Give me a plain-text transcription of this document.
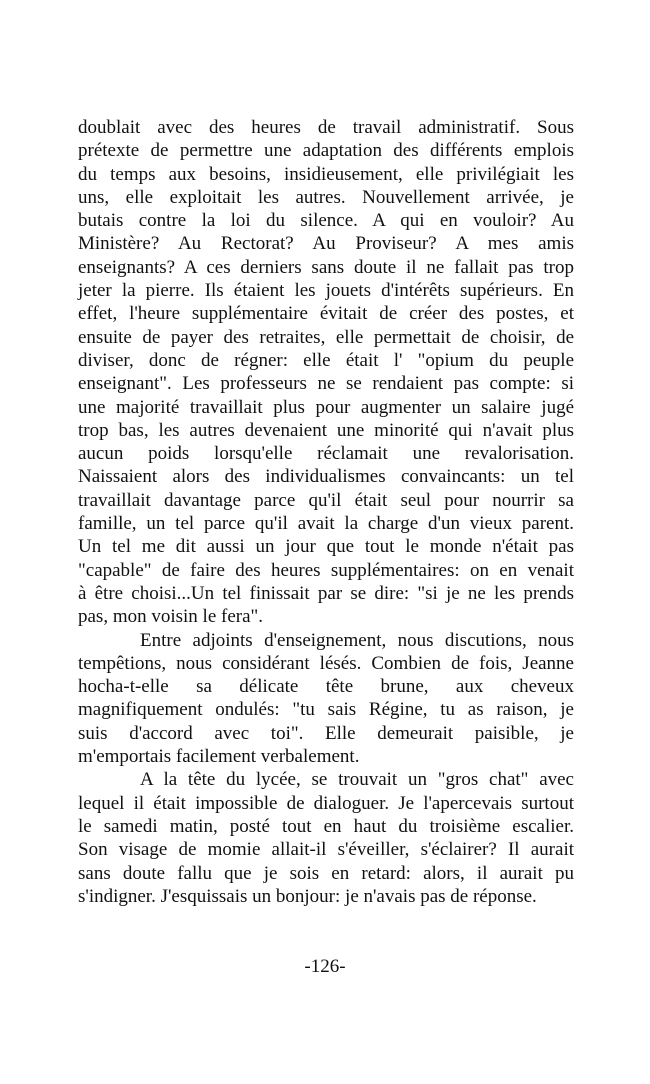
doublait avec des heures de travail administratif. Sous
prétexte de permettre une adaptation des différents emplois
du temps aux besoins, insidieusement, elle privilégiait les
uns, elle exploitait les autres. Nouvellement arrivée, je
butais contre la loi du silence. A qui en vouloir? Au
Ministère? Au Rectorat? Au Proviseur? A mes amis
enseignants? A ces derniers sans doute il ne fallait pas trop
jeter la pierre. Ils étaient les jouets d'intérêts supérieurs. En
effet, l'heure supplémentaire évitait de créer des postes, et
ensuite de payer des retraites, elle permettait de choisir, de
diviser, donc de régner: elle était l' "opium du peuple
enseignant". Les professeurs ne se rendaient pas compte: si
une majorité travaillait plus pour augmenter un salaire jugé
trop bas, les autres devenaient une minorité qui n'avait plus
aucun poids lorsqu'elle réclamait une revalorisation.
Naissaient alors des individualismes convaincants: un tel
travaillait davantage parce qu'il était seul pour nourrir sa
famille, un tel parce qu'il avait la charge d'un vieux parent.
Un tel me dit aussi un jour que tout le monde n'était pas
"capable" de faire des heures supplémentaires: on en venait
à être choisi...Un tel finissait par se dire: "si je ne les prends
pas, mon voisin le fera".
Entre adjoints d'enseignement, nous discutions, nous
tempêtions, nous considérant lésés. Combien de fois, Jeanne
hocha-t-elle sa délicate tête brune, aux cheveux
magnifiquement ondulés: "tu sais Régine, tu as raison, je
suis d'accord avec toi". Elle demeurait paisible, je
m'emportais facilement verbalement.
A la tête du lycée, se trouvait un "gros chat" avec
lequel il était impossible de dialoguer. Je l'apercevais surtout
le samedi matin, posté tout en haut du troisième escalier.
Son visage de momie allait-il s'éveiller, s'éclairer? Il aurait
sans doute fallu que je sois en retard: alors, il aurait pu
s'indigner. J'esquissais un bonjour: je n'avais pas de réponse.
-126-
